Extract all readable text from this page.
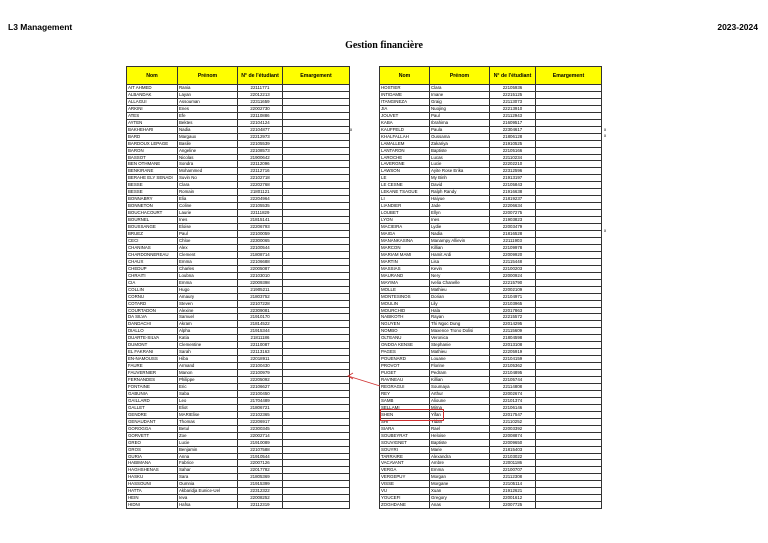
L3 Management	2023-2024
Gestion financière
Nom	Prénom	N° de l'étudiant	Emargement
AIT AHMED	Rania	22111771	
ALBANDAK	Layan	22012213	
ALLAGUI	Assouman	22311659	
ARKINI	Enes	22002730	
ATES	Efe	22110886	
AYTEN	Bektes	22104124	
BAKHEHARI	Nadia	22104877	
BARD	Margaux	22212973	
BARDOUX LEPAGE	Basile	22105539	
BARON	Angeline	22108573	
BASSOT	Nicolas	21900642	
BEN OTHMANE	Sondra	22112096	
BENKIRANE	Mohammed	22112716	
BERAHE ELY SENADI	Suvin No	22102718	
BESSE	Clara	22202768	
BESSE	Romain	21801121	
BONNABRY	Elia	22204964	
BONNETON	Coline	22105535	
BOUCHACOURT	Laurie	22111829	
BOURNEL	Ines	21815141	
BOUSSANGE	Eloise	22206793	
BRUEZ	Paul	22100059	
CECI	Chloe	22300065	
CHANINAS	Alex	22100544	
CHARDONNEREAU	Clement	21808714	
CHAUX	Emma	22106688	
CHEDUP	Charles	22005087	
CHRAITI	Loubna	22103010	
CIA	Emma	22009398	
COLLIN	Hugo	21905211	
CORNU	Amaury	21803752	
COTARD	Steven	22107228	
COURTADON	Alexine	22309081	
DA SILVA	Samuel	21910170	
DANDACHI	Akram	21814522	
DIALLO	Alpha	21915344	
DUARTE-SILVA	Katia	21811186	
DUMONT	Clementine	22110087	
EL FAKRANI	Sarah	22113163	
EN-NAMOUSS	Hiba	22018911	
FAURE	Armand	22100430	
FAUVERNIER	Manon	22100979	
FERNANDES	Philippe	22205092	
FONTAINE	Eric	22106627	
GABUNIA	Saba	22100450	
GAILLARD	Leo	21704489	
GALLET	Eliot	21806721	
GENDRE	MARIElise	22102365	
GENAUDANT	Thomas	22206917	
GOROGGA	Betul	22300345	
GORVETT	Zoe	22002714	
GREO	Lucie	21910089	
GROS	Benjamin	22107588	
GURIA	Anna	21910544	
HABIMANA	Fabrice	22007126	
HAGHSHENAS	Sahar	22017782	
HASKU	Sara	21805369	
HASSOUNI	Oumnia	21915399	
HATTA	Akbaridja Eunice-Uel	22312322	
HEIN	Ieva	22008252	
HIDNI	Hafsa	22112319	
Nom	Prénom	N° de l'étudiant	Emargement
HOSTIER	Clara	22105936	
INTIDAME	Imane	22215125	
ITANGINEZA	Graig	22113073	
JIA	Nuojing	22213910	
JOUVET	Paul	22112943	
KABA	Ibrahima	21609517	
KAUFFELD	Paula	22304617	
KHALFALLAH	Oussama	21806128	
LAMALLEM	Zakariya	21910525	
LANTARON	Baptiste	22105166	
LAROCHE	Lucas	22110234	
LAVERGNE	Lucie	22202210	
LAWSON	Ayite Rose Erika	22312596	
LE	My Binh	21913197	
LE CESNE	David	22105843	
LEKANE TSAGUE	Ralph Randy	21916638	
LI	Haiyue	21819237	
LIANDIER	Jade	22206634	
LOUBET	Ellyn	22007275	
LYON	Ines	21903823	
MACIEIRA	Lydie	22003479	
MAIGA	Nadia	21816528	
MANANKASINA	Manampy Allievin	22111903	
MARCON	Killian	22109978	
MARIAM MAMI	Hamit Ardi	22009920	
MARTIN	Lisa	22115448	
MASSIAS	Kevin	22100203	
MAURAND	Nery	22000924	
MAYIMA	Ivelia Chanelle	22215790	
MOLLE	Mathieu	22002109	
MONTESINOS	Dorian	22104971	
MOULIN	Lily	22103965	
MOURCHID	Hala	22017863	
NABIKOTH	Rayan	22215572	
NGUYEN	Thi Ngoc Dung	22014295	
NOMBO	Maxence Trono Dolisi	22115609	
OLTEANU	Veronica	21804598	
ONDOA KENSE	Stephanie	22013108	
PAGES	Mathieu	22205919	
POUENARD	Louane	22104159	
PROVOT	Florine	22105362	
PUGET	Pedram	22104895	
RAVINEAU	Killian	22105744	
REGRAGUI	Soumaya	22114808	
REY	Arthur	22002674	
SAMB	Alioune	22101374	
SELLAMI	Mirna	22106146	
SHEN	Yifan	22017547	
SHI	Yidan	22110252	
SIARA	Rael	22003392	
SOUBEYRAT	Heloise	22008874	
SOUVIGNET	Baptiste	22009650	
SOUYRI	Marie	21815403	
TARRAIRE	Alexandra	22103022	
VACAVANT	Ambre	22001186	
VERGA	Emma	22100707	
VERGEPUY	Morgan	22112308	
VISSE	Morgane	22105114	
VU	Xuan	21912621	
YOUCEFI	Gregory	22001612	
ZOGHDANE	Anas	22007725	
x	x
x
x
